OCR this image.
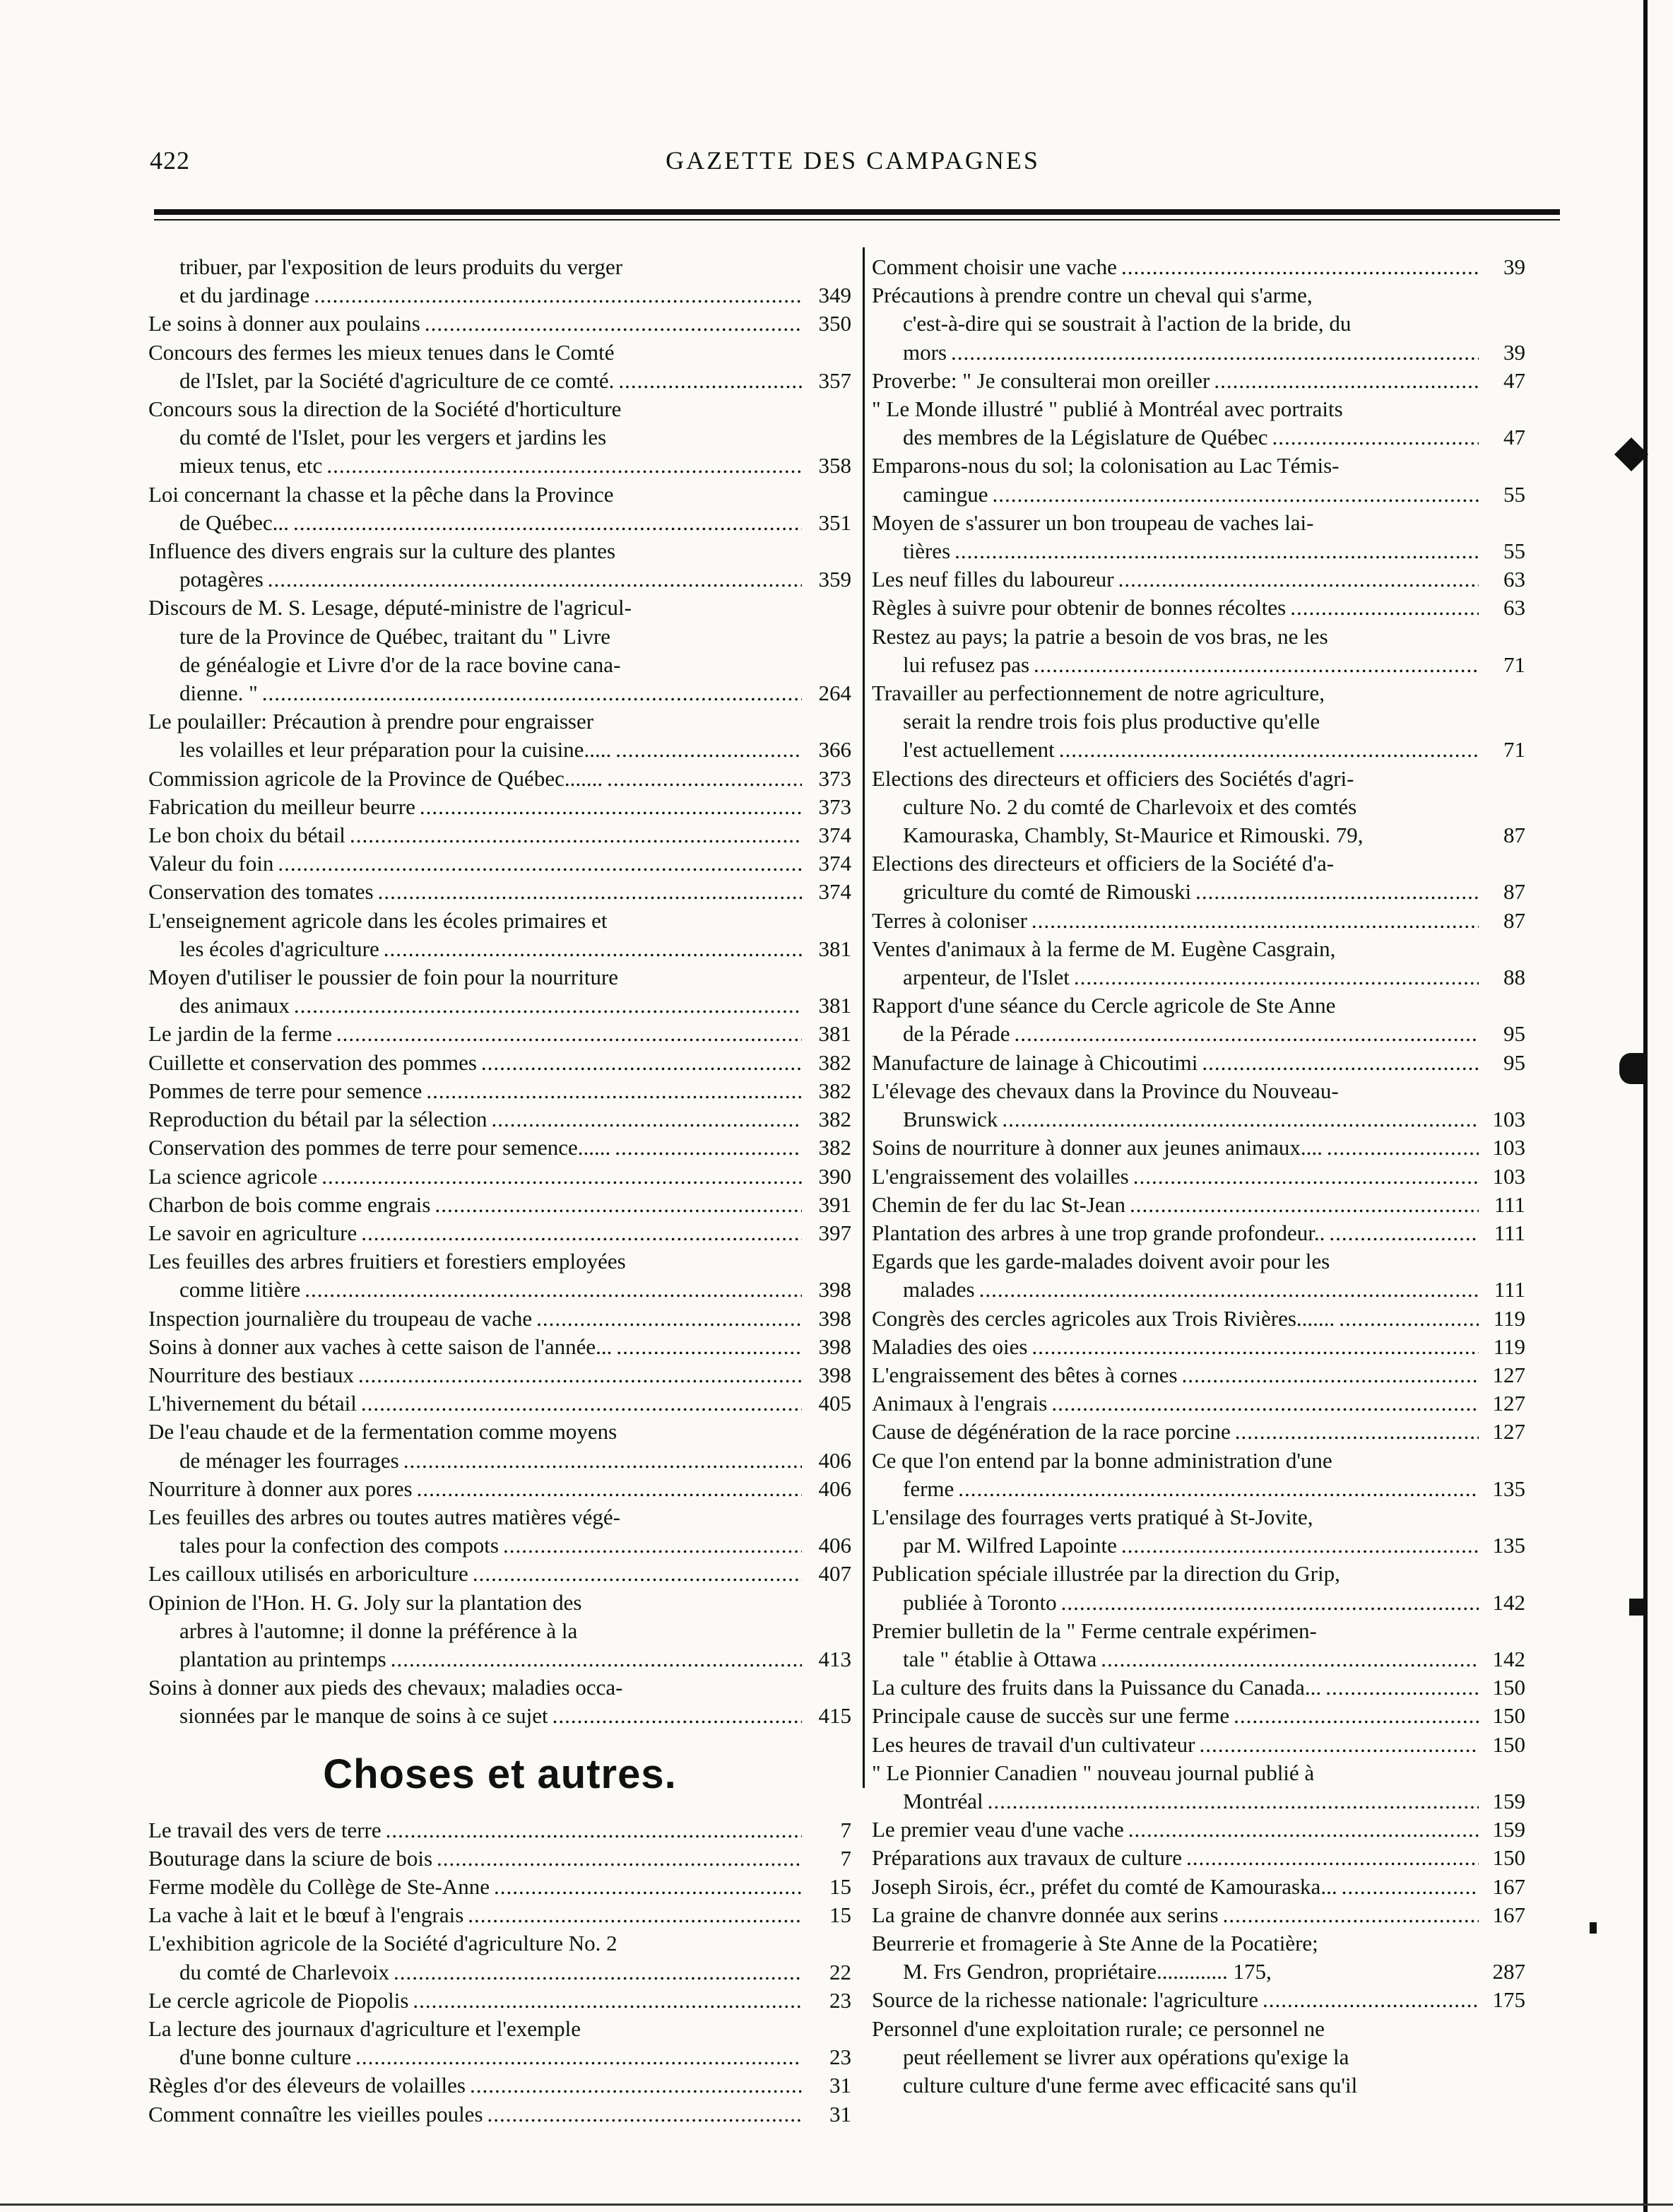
422	GAZETTE DES CAMPAGNES
tribuer, par l'exposition de leurs produits du verger
et du jardinage .....	349
Le soins à donner aux poulains .....	350
Concours des fermes les mieux tenues dans le Comté
de l'Islet, par la Société d'agriculture de ce comté. .....	357
Concours sous la direction de la Société d'horticulture
du comté de l'Islet, pour les vergers et jardins les
mieux tenus, etc .....	358
Loi concernant la chasse et la pêche dans la Province
de Québec... .....	351
Influence des divers engrais sur la culture des plantes
potagères .....	359
Discours de M. S. Lesage, député-ministre de l'agricul-
ture de la Province de Québec, traitant du " Livre
de généalogie et Livre d'or de la race bovine cana-
dienne. " .....	264
Le poulailler: Précaution à prendre pour engraisser
les volailles et leur préparation pour la cuisine..... .....	366
Commission agricole de la Province de Québec....... .....	373
Fabrication du meilleur beurre .....	373
Le bon choix du bétail .....	374
Valeur du foin .....	374
Conservation des tomates .....	374
L'enseignement agricole dans les écoles primaires et
les écoles d'agriculture .....	381
Moyen d'utiliser le poussier de foin pour la nourriture
des animaux .....	381
Le jardin de la ferme .....	381
Cuillette et conservation des pommes .....	382
Pommes de terre pour semence .....	382
Reproduction du bétail par la sélection .....	382
Conservation des pommes de terre pour semence...... .....	382
La science agricole .....	390
Charbon de bois comme engrais .....	391
Le savoir en agriculture .....	397
Les feuilles des arbres fruitiers et forestiers employées
comme litière .....	398
Inspection journalière du troupeau de vache .....	398
Soins à donner aux vaches à cette saison de l'année... .....	398
Nourriture des bestiaux .....	398
L'hivernement du bétail .....	405
De l'eau chaude et de la fermentation comme moyens
de ménager les fourrages .....	406
Nourriture à donner aux pores .....	406
Les feuilles des arbres ou toutes autres matières végé-
tales pour la confection des compots .....	406
Les cailloux utilisés en arboriculture .....	407
Opinion de l'Hon. H. G. Joly sur la plantation des
arbres à l'automne; il donne la préférence à la
plantation au printemps .....	413
Soins à donner aux pieds des chevaux; maladies occa-
sionnées par le manque de soins à ce sujet .....	415
Choses et autres.
Le travail des vers de terre .....	7
Bouturage dans la sciure de bois .....	7
Ferme modèle du Collège de Ste-Anne .....	15
La vache à lait et le bœuf à l'engrais .....	15
L'exhibition agricole de la Société d'agriculture No. 2
du comté de Charlevoix .....	22
Le cercle agricole de Piopolis .....	23
La lecture des journaux d'agriculture et l'exemple
d'une bonne culture .....	23
Règles d'or des éleveurs de volailles .....	31
Comment connaître les vieilles poules .....	31
Comment choisir une vache .....	39
Précautions à prendre contre un cheval qui s'arme,
c'est-à-dire qui se soustrait à l'action de la bride, du
mors .....	39
Proverbe: " Je consulterai mon oreiller .....	47
" Le Monde illustré " publié à Montréal avec portraits
des membres de la Législature de Québec .....	47
Emparons-nous du sol; la colonisation au Lac Témis-
camingue .....	55
Moyen de s'assurer un bon troupeau de vaches lai-
tières .....	55
Les neuf filles du laboureur .....	63
Règles à suivre pour obtenir de bonnes récoltes .....	63
Restez au pays; la patrie a besoin de vos bras, ne les
lui refusez pas .....	71
Travailler au perfectionnement de notre agriculture,
serait la rendre trois fois plus productive qu'elle
l'est actuellement .....	71
Elections des directeurs et officiers des Sociétés d'agri-
culture No. 2 du comté de Charlevoix et des comtés
Kamouraska, Chambly, St-Maurice et Rimouski. 79,	87
Elections des directeurs et officiers de la Société d'a-
griculture du comté de Rimouski .....	87
Terres à coloniser .....	87
Ventes d'animaux à la ferme de M. Eugène Casgrain,
arpenteur, de l'Islet .....	88
Rapport d'une séance du Cercle agricole de Ste Anne
de la Pérade .....	95
Manufacture de lainage à Chicoutimi .....	95
L'élevage des chevaux dans la Province du Nouveau-
Brunswick .....	103
Soins de nourriture à donner aux jeunes animaux.... .....	103
L'engraissement des volailles .....	103
Chemin de fer du lac St-Jean .....	111
Plantation des arbres à une trop grande profondeur.. .....	111
Egards que les garde-malades doivent avoir pour les
malades .....	111
Congrès des cercles agricoles aux Trois Rivières....... .....	119
Maladies des oies .....	119
L'engraissement des bêtes à cornes .....	127
Animaux à l'engrais .....	127
Cause de dégénération de la race porcine .....	127
Ce que l'on entend par la bonne administration d'une
ferme .....	135
L'ensilage des fourrages verts pratiqué à St-Jovite,
par M. Wilfred Lapointe .....	135
Publication spéciale illustrée par la direction du Grip,
publiée à Toronto .....	142
Premier bulletin de la " Ferme centrale expérimen-
tale " établie à Ottawa .....	142
La culture des fruits dans la Puissance du Canada... .....	150
Principale cause de succès sur une ferme .....	150
Les heures de travail d'un cultivateur .....	150
" Le Pionnier Canadien " nouveau journal publié à
Montréal .....	159
Le premier veau d'une vache .....	159
Préparations aux travaux de culture .....	150
Joseph Sirois, écr., préfet du comté de Kamouraska... .....	167
La graine de chanvre donnée aux serins .....	167
Beurrerie et fromagerie à Ste Anne de la Pocatière;
M. Frs Gendron, propriétaire............. 175,	287
Source de la richesse nationale: l'agriculture .....	175
Personnel d'une exploitation rurale; ce personnel ne
peut réellement se livrer aux opérations qu'exige la
culture culture d'une ferme avec efficacité sans qu'il
